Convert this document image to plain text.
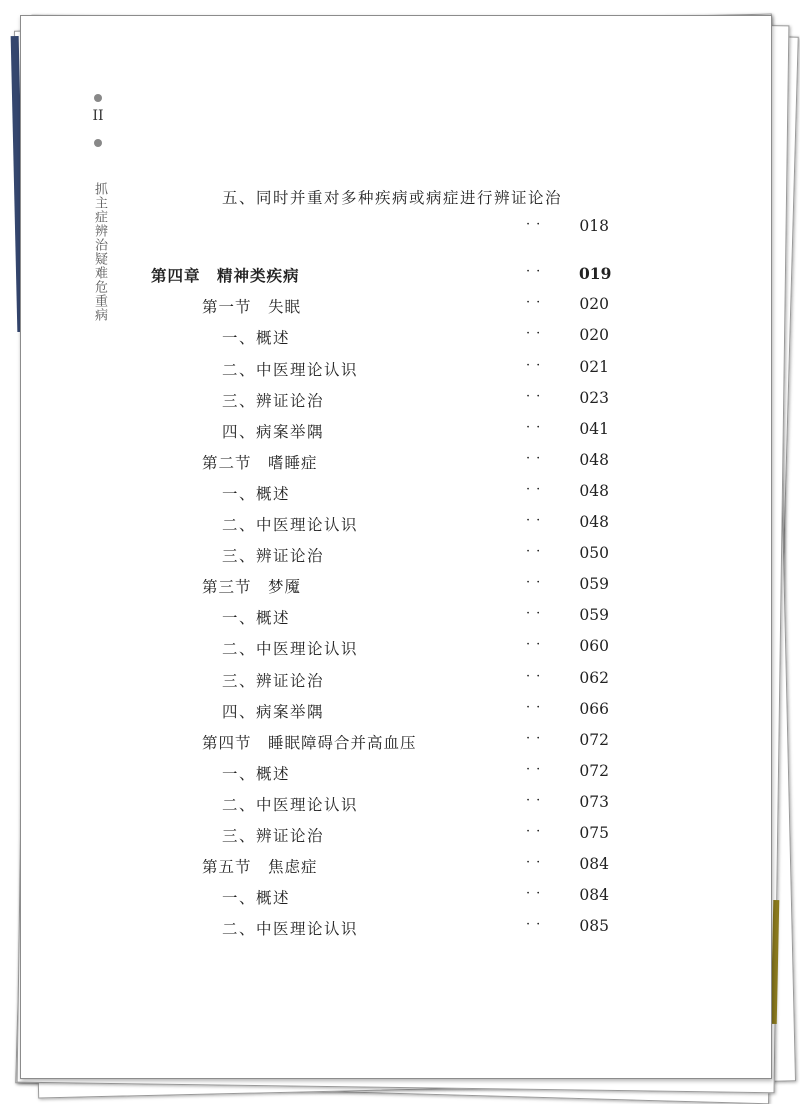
II
抓主症辨治疑难危重病	五、同时并重对多种疾病或病症进行辨证论治
·· 018
第四章　精神类疾病	·· 019
第一节　失眠	·· 020
一、概述	·· 020
二、中医理论认识	·· 021
三、辨证论治	·· 023
四、病案举隅	·· 041
第二节　嗜睡症	·· 048
一、概述	·· 048
二、中医理论认识	·· 048
三、辨证论治	·· 050
第三节　梦魇	·· 059
一、概述	·· 059
二、中医理论认识	·· 060
三、辨证论治	·· 062
四、病案举隅	·· 066
第四节　睡眠障碍合并高血压	·· 072
一、概述	·· 072
二、中医理论认识	·· 073
三、辨证论治	·· 075
第五节　焦虑症	·· 084
一、概述	·· 084
二、中医理论认识	·· 085
